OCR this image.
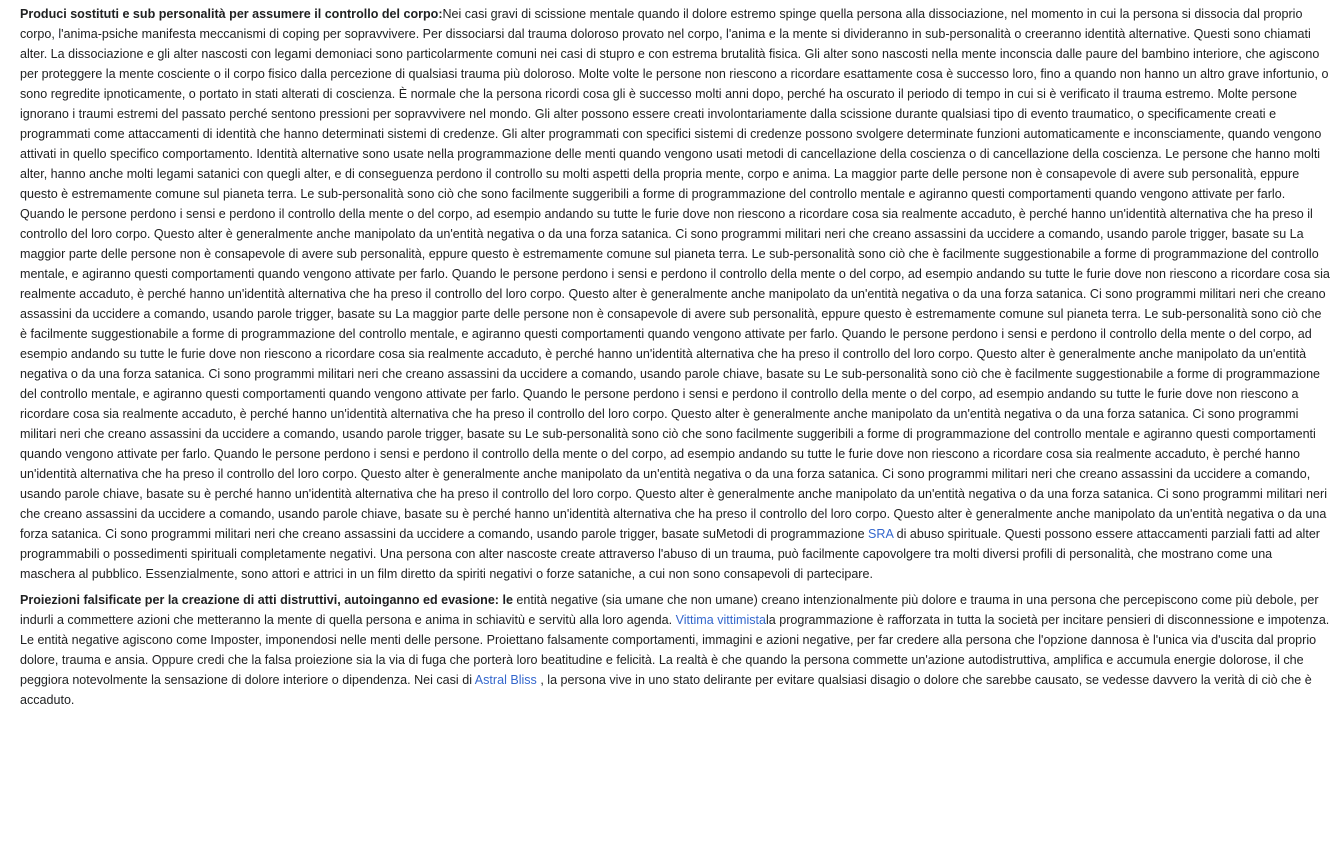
Produci sostituti e sub personalità per assumere il controllo del corpo:Nei casi gravi di scissione mentale quando il dolore estremo spinge quella persona alla dissociazione, nel momento in cui la persona si dissocia dal proprio corpo, l'anima-psiche manifesta meccanismi di coping per sopravvivere. Per dissociarsi dal trauma doloroso provato nel corpo, l'anima e la mente si divideranno in sub-personalità o creeranno identità alternative. Questi sono chiamati alter. La dissociazione e gli alter nascosti con legami demoniaci sono particolarmente comuni nei casi di stupro e con estrema brutalità fisica. Gli alter sono nascosti nella mente inconscia dalle paure del bambino interiore, che agiscono per proteggere la mente cosciente o il corpo fisico dalla percezione di qualsiasi trauma più doloroso. Molte volte le persone non riescono a ricordare esattamente cosa è successo loro, fino a quando non hanno un altro grave infortunio, o sono regredite ipnoticamente, o portato in stati alterati di coscienza. È normale che la persona ricordi cosa gli è successo molti anni dopo, perché ha oscurato il periodo di tempo in cui si è verificato il trauma estremo. Molte persone ignorano i traumi estremi del passato perché sentono pressioni per sopravvivere nel mondo. Gli alter possono essere creati involontariamente dalla scissione durante qualsiasi tipo di evento traumatico, o specificamente creati e programmati come attaccamenti di identità che hanno determinati sistemi di credenze. Gli alter programmati con specifici sistemi di credenze possono svolgere determinate funzioni automaticamente e inconsciamente, quando vengono attivati in quello specifico comportamento. Identità alternative sono usate nella programmazione delle menti quando vengono usati metodi di cancellazione della coscienza o di cancellazione della coscienza. Le persone che hanno molti alter, hanno anche molti legami satanici con quegli alter, e di conseguenza perdono il controllo su molti aspetti della propria mente, corpo e anima. La maggior parte delle persone non è consapevole di avere sub personalità, eppure questo è estremamente comune sul pianeta terra. Le sub-personalità sono ciò che sono facilmente suggeribili a forme di programmazione del controllo mentale e agiranno questi comportamenti quando vengono attivate per farlo. Quando le persone perdono i sensi e perdono il controllo della mente o del corpo, ad esempio andando su tutte le furie dove non riescono a ricordare cosa sia realmente accaduto, è perché hanno un'identità alternativa che ha preso il controllo del loro corpo. Questo alter è generalmente anche manipolato da un'entità negativa o da una forza satanica. Ci sono programmi militari neri che creano assassini da uccidere a comando, usando parole trigger, basate su La maggior parte delle persone non è consapevole di avere sub personalità, eppure questo è estremamente comune sul pianeta terra. Le sub-personalità sono ciò che è facilmente suggestionabile a forme di programmazione del controllo mentale, e agiranno questi comportamenti quando vengono attivate per farlo. Quando le persone perdono i sensi e perdono il controllo della mente o del corpo, ad esempio andando su tutte le furie dove non riescono a ricordare cosa sia realmente accaduto, è perché hanno un'identità alternativa che ha preso il controllo del loro corpo. Questo alter è generalmente anche manipolato da un'entità negativa o da una forza satanica. Ci sono programmi militari neri che creano assassini da uccidere a comando, usando parole trigger, basate su La maggior parte delle persone non è consapevole di avere sub personalità, eppure questo è estremamente comune sul pianeta terra. Le sub-personalità sono ciò che è facilmente suggestionabile a forme di programmazione del controllo mentale, e agiranno questi comportamenti quando vengono attivate per farlo. Quando le persone perdono i sensi e perdono il controllo della mente o del corpo, ad esempio andando su tutte le furie dove non riescono a ricordare cosa sia realmente accaduto, è perché hanno un'identità alternativa che ha preso il controllo del loro corpo. Questo alter è generalmente anche manipolato da un'entità negativa o da una forza satanica. Ci sono programmi militari neri che creano assassini da uccidere a comando, usando parole chiave, basate su Le sub-personalità sono ciò che è facilmente suggestionabile a forme di programmazione del controllo mentale, e agiranno questi comportamenti quando vengono attivate per farlo. Quando le persone perdono i sensi e perdono il controllo della mente o del corpo, ad esempio andando su tutte le furie dove non riescono a ricordare cosa sia realmente accaduto, è perché hanno un'identità alternativa che ha preso il controllo del loro corpo. Questo alter è generalmente anche manipolato da un'entità negativa o da una forza satanica. Ci sono programmi militari neri che creano assassini da uccidere a comando, usando parole trigger, basate su Le sub-personalità sono ciò che sono facilmente suggeribili a forme di programmazione del controllo mentale e agiranno questi comportamenti quando vengono attivate per farlo. Quando le persone perdono i sensi e perdono il controllo della mente o del corpo, ad esempio andando su tutte le furie dove non riescono a ricordare cosa sia realmente accaduto, è perché hanno un'identità alternativa che ha preso il controllo del loro corpo. Questo alter è generalmente anche manipolato da un'entità negativa o da una forza satanica. Ci sono programmi militari neri che creano assassini da uccidere a comando, usando parole chiave, basate su è perché hanno un'identità alternativa che ha preso il controllo del loro corpo. Questo alter è generalmente anche manipolato da un'entità negativa o da una forza satanica. Ci sono programmi militari neri che creano assassini da uccidere a comando, usando parole chiave, basate su è perché hanno un'identità alternativa che ha preso il controllo del loro corpo. Questo alter è generalmente anche manipolato da un'entità negativa o da una forza satanica. Ci sono programmi militari neri che creano assassini da uccidere a comando, usando parole trigger, basate suMetodi di programmazione SRA di abuso spirituale. Questi possono essere attaccamenti parziali fatti ad alter programmabili o possedimenti spirituali completamente negativi. Una persona con alter nascoste create attraverso l'abuso di un trauma, può facilmente capovolgere tra molti diversi profili di personalità, che mostrano come una maschera al pubblico. Essenzialmente, sono attori e attrici in un film diretto da spiriti negativi o forze sataniche, a cui non sono consapevoli di partecipare.

Proiezioni falsificate per la creazione di atti distruttivi, autoinganno ed evasione: le entità negative (sia umane che non umane) creano intenzionalmente più dolore e trauma in una persona che percepiscono come più debole, per indurli a commettere azioni che metteranno la mente di quella persona e anima in schiavitù e servitù alla loro agenda. Vittima vittimistala programmazione è rafforzata in tutta la società per incitare pensieri di disconnessione e impotenza. Le entità negative agiscono come Imposter, imponendosi nelle menti delle persone. Proiettano falsamente comportamenti, immagini e azioni negative, per far credere alla persona che l'opzione dannosa è l'unica via d'uscita dal proprio dolore, trauma e ansia. Oppure credi che la falsa proiezione sia la via di fuga che porterà loro beatitudine e felicità. La realtà è che quando la persona commette un'azione autodistruttiva, amplifica e accumula energie dolorose, il che peggiora notevolmente la sensazione di dolore interiore o dipendenza. Nei casi di Astral Bliss , la persona vive in uno stato delirante per evitare qualsiasi disagio o dolore che sarebbe causato, se vedesse davvero la verità di ciò che è accaduto.
